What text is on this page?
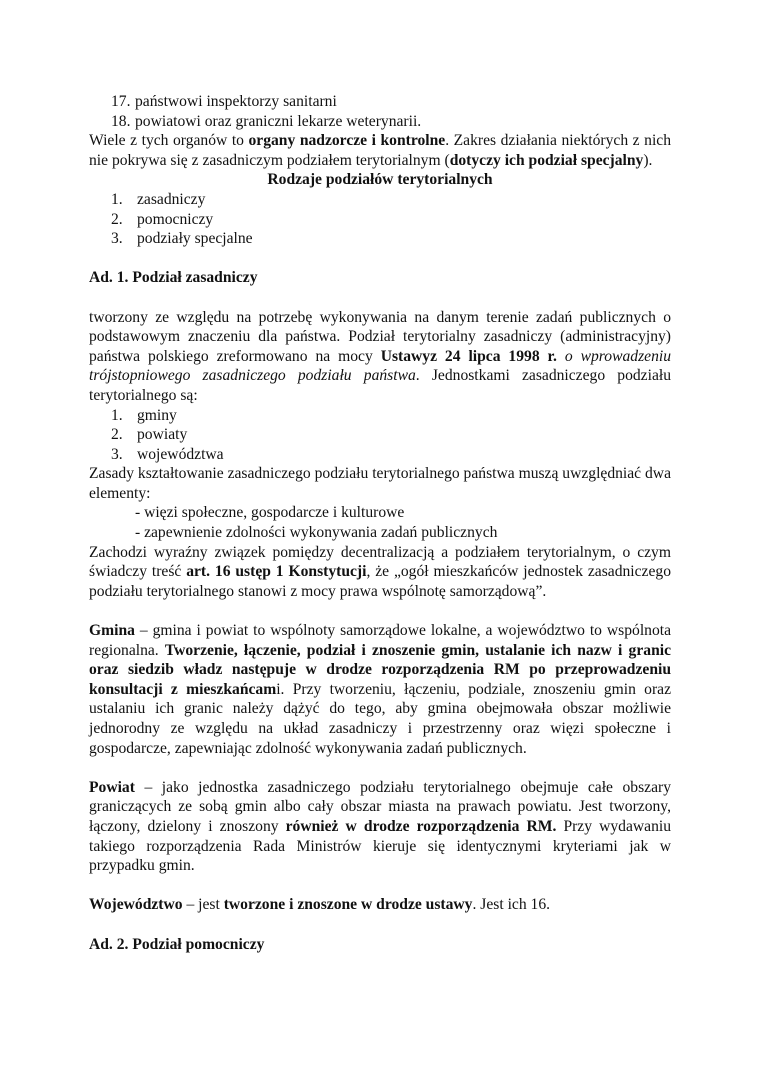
17. państwowi inspektorzy sanitarni
18. powiatowi oraz graniczni lekarze weterynarii.

Wiele z tych organów to organy nadzorcze i kontrolne. Zakres działania niektórych z nich nie pokrywa się z zasadniczym podziałem terytorialnym (dotyczy ich podział specjalny).

Rodzaje podziałów terytorialnych

1. zasadniczy
2. pomocniczy
3. podziały specjalne

Ad. 1. Podział zasadniczy

tworzony ze względu na potrzebę wykonywania na danym terenie zadań publicznych o podstawowym znaczeniu dla państwa. Podział terytorialny zasadniczy (administracyjny) państwa polskiego zreformowano na mocy Ustawyz 24 lipca 1998 r. o wprowadzeniu trójstopniowego zasadniczego podziału państwa. Jednostkami zasadniczego podziału terytorialnego są:

1. gminy
2. powiaty
3. województwa

Zasady kształtowanie zasadniczego podziału terytorialnego państwa muszą uwzględniać dwa elementy:

- więzi społeczne, gospodarcze i kulturowe

- zapewnienie zdolności wykonywania zadań publicznych

Zachodzi wyraźny związek pomiędzy decentralizacją a podziałem terytorialnym, o czym świadczy treść art. 16 ustęp 1 Konstytucji, że „ogół mieszkańców jednostek zasadniczego podziału terytorialnego stanowi z mocy prawa wspólnotę samorządową”.

Gmina – gmina i powiat to wspólnoty samorządowe lokalne, a województwo to wspólnota regionalna. Tworzenie, łączenie, podział i znoszenie gmin, ustalanie ich nazw i granic oraz siedzib władz następuje w drodze rozporządzenia RM po przeprowadzeniu konsultacji z mieszkańcami. Przy tworzeniu, łączeniu, podziale, znoszeniu gmin oraz ustalaniu ich granic należy dążyć do tego, aby gmina obejmowała obszar możliwie jednorodny ze względu na układ zasadniczy i przestrzenny oraz więzi społeczne i gospodarcze, zapewniając zdolność wykonywania zadań publicznych.

Powiat – jako jednostka zasadniczego podziału terytorialnego obejmuje całe obszary graniczących ze sobą gmin albo cały obszar miasta na prawach powiatu. Jest tworzony, łączony, dzielony i znoszony również w drodze rozporządzenia RM. Przy wydawaniu takiego rozporządzenia Rada Ministrów kieruje się identycznymi kryteriami jak w przypadku gmin.

Województwo – jest tworzone i znoszone w drodze ustawy. Jest ich 16.

Ad. 2. Podział pomocniczy
